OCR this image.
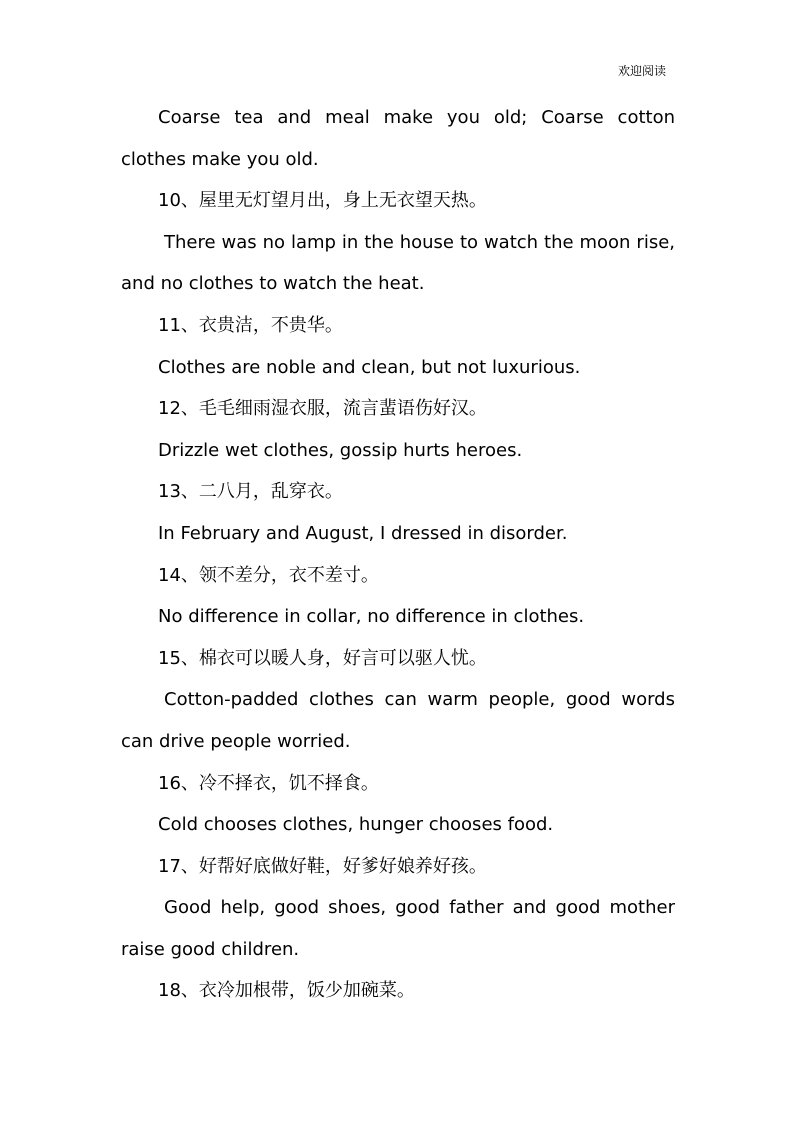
欢迎阅读

Coarse tea and meal make you old; Coarse cotton clothes make you old.

10、屋里无灯望月出，身上无衣望天热。

There was no lamp in the house to watch the moon rise, and no clothes to watch the heat.

11、衣贵洁，不贵华。

Clothes are noble and clean, but not luxurious.

12、毛毛细雨湿衣服，流言蜚语伤好汉。

Drizzle wet clothes, gossip hurts heroes.

13、二八月，乱穿衣。

In February and August, I dressed in disorder.

14、领不差分，衣不差寸。

No difference in collar, no difference in clothes.

15、棉衣可以暖人身，好言可以驱人忧。

Cotton-padded clothes can warm people, good words can drive people worried.

16、冷不择衣，饥不择食。

Cold chooses clothes, hunger chooses food.

17、好帮好底做好鞋，好爹好娘养好孩。

Good help, good shoes, good father and good mother raise good children.

18、衣冷加根带，饭少加碗菜。
